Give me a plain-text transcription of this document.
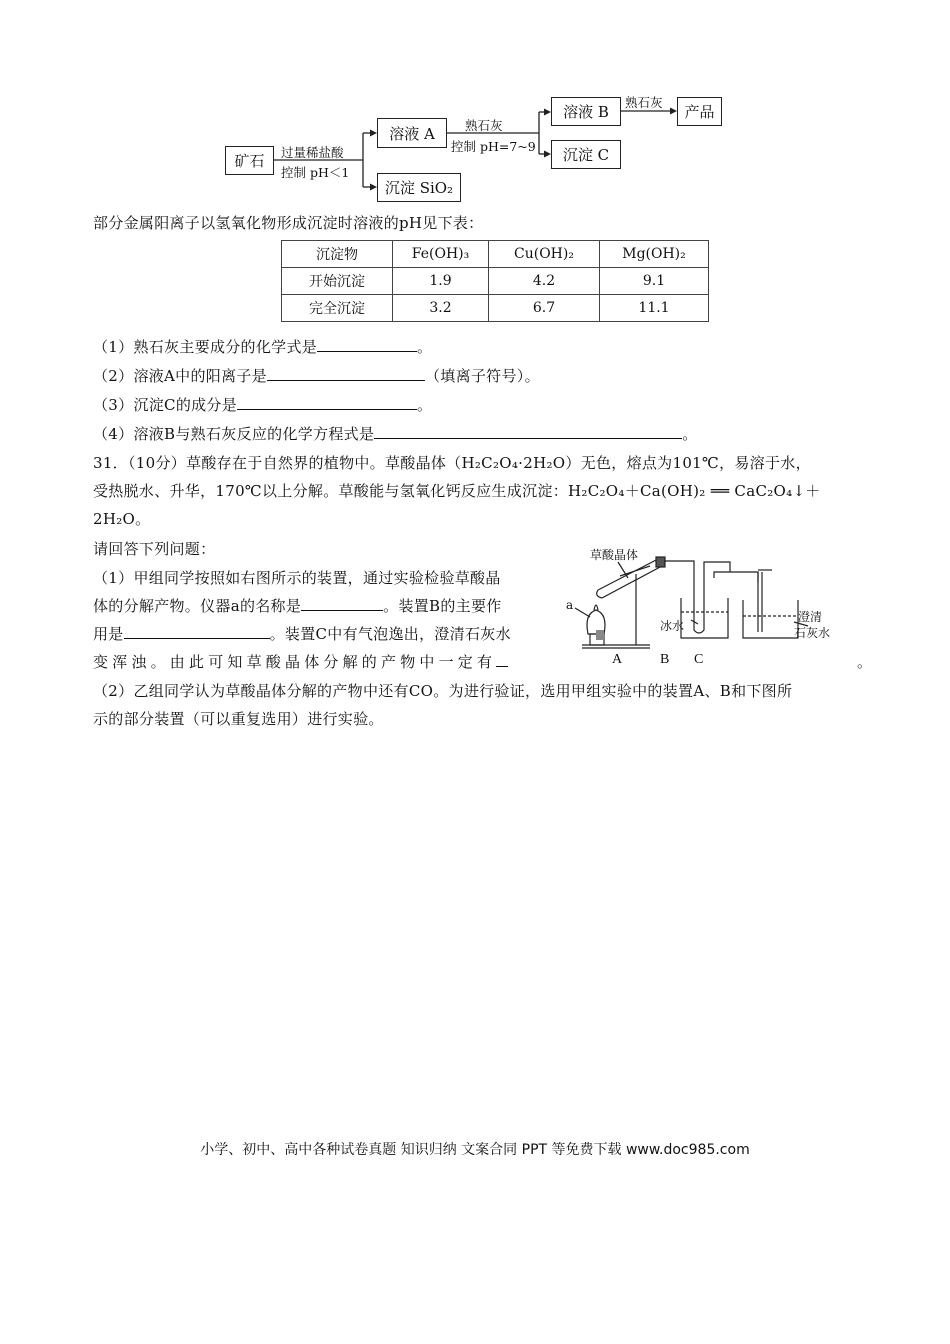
矿石 过量稀盐酸
控制 pH＜1
溶液 A
沉淀 SiO₂
熟石灰
控制 pH=7~9
溶液 B
沉淀 C
熟石灰
产品
部分金属阳离子以氢氧化物形成沉淀时溶液的pH见下表：
沉淀物	Fe(OH)₃	Cu(OH)₂	Mg(OH)₂
开始沉淀	1.9	4.2	9.1
完全沉淀	3.2	6.7	11.1
（1）熟石灰主要成分的化学式是	。
（2）溶液A中的阳离子是	（填离子符号）。
（3）沉淀C的成分是	。
（4）溶液B与熟石灰反应的化学方程式是	。
31．（10分）草酸存在于自然界的植物中。草酸晶体（H₂C₂O₄·2H₂O）无色，熔点为101℃，易溶于水，
受热脱水、升华，170℃以上分解。草酸能与氢氧化钙反应生成沉淀：H₂C₂O₄＋Ca(OH)₂ ══ CaC₂O₄↓＋
2H₂O。
请回答下列问题：
（1）甲组同学按照如右图所示的装置，通过实验检验草酸晶
体的分解产物。仪器a的名称是	。装置B的主要作
用是	。装置C中有气泡逸出，澄清石灰水
变浑浊。由此可知草酸晶体分解的产物中一定有	。
（2）乙组同学认为草酸晶体分解的产物中还有CO。为进行验证，选用甲组实验中的装置A、B和下图所
示的部分装置（可以重复选用）进行实验。
草酸晶体
a
冰水
澄清
石灰水
A	B C
小学、初中、高中各种试卷真题 知识归纳 文案合同 PPT 等免费下载 www.doc985.com
